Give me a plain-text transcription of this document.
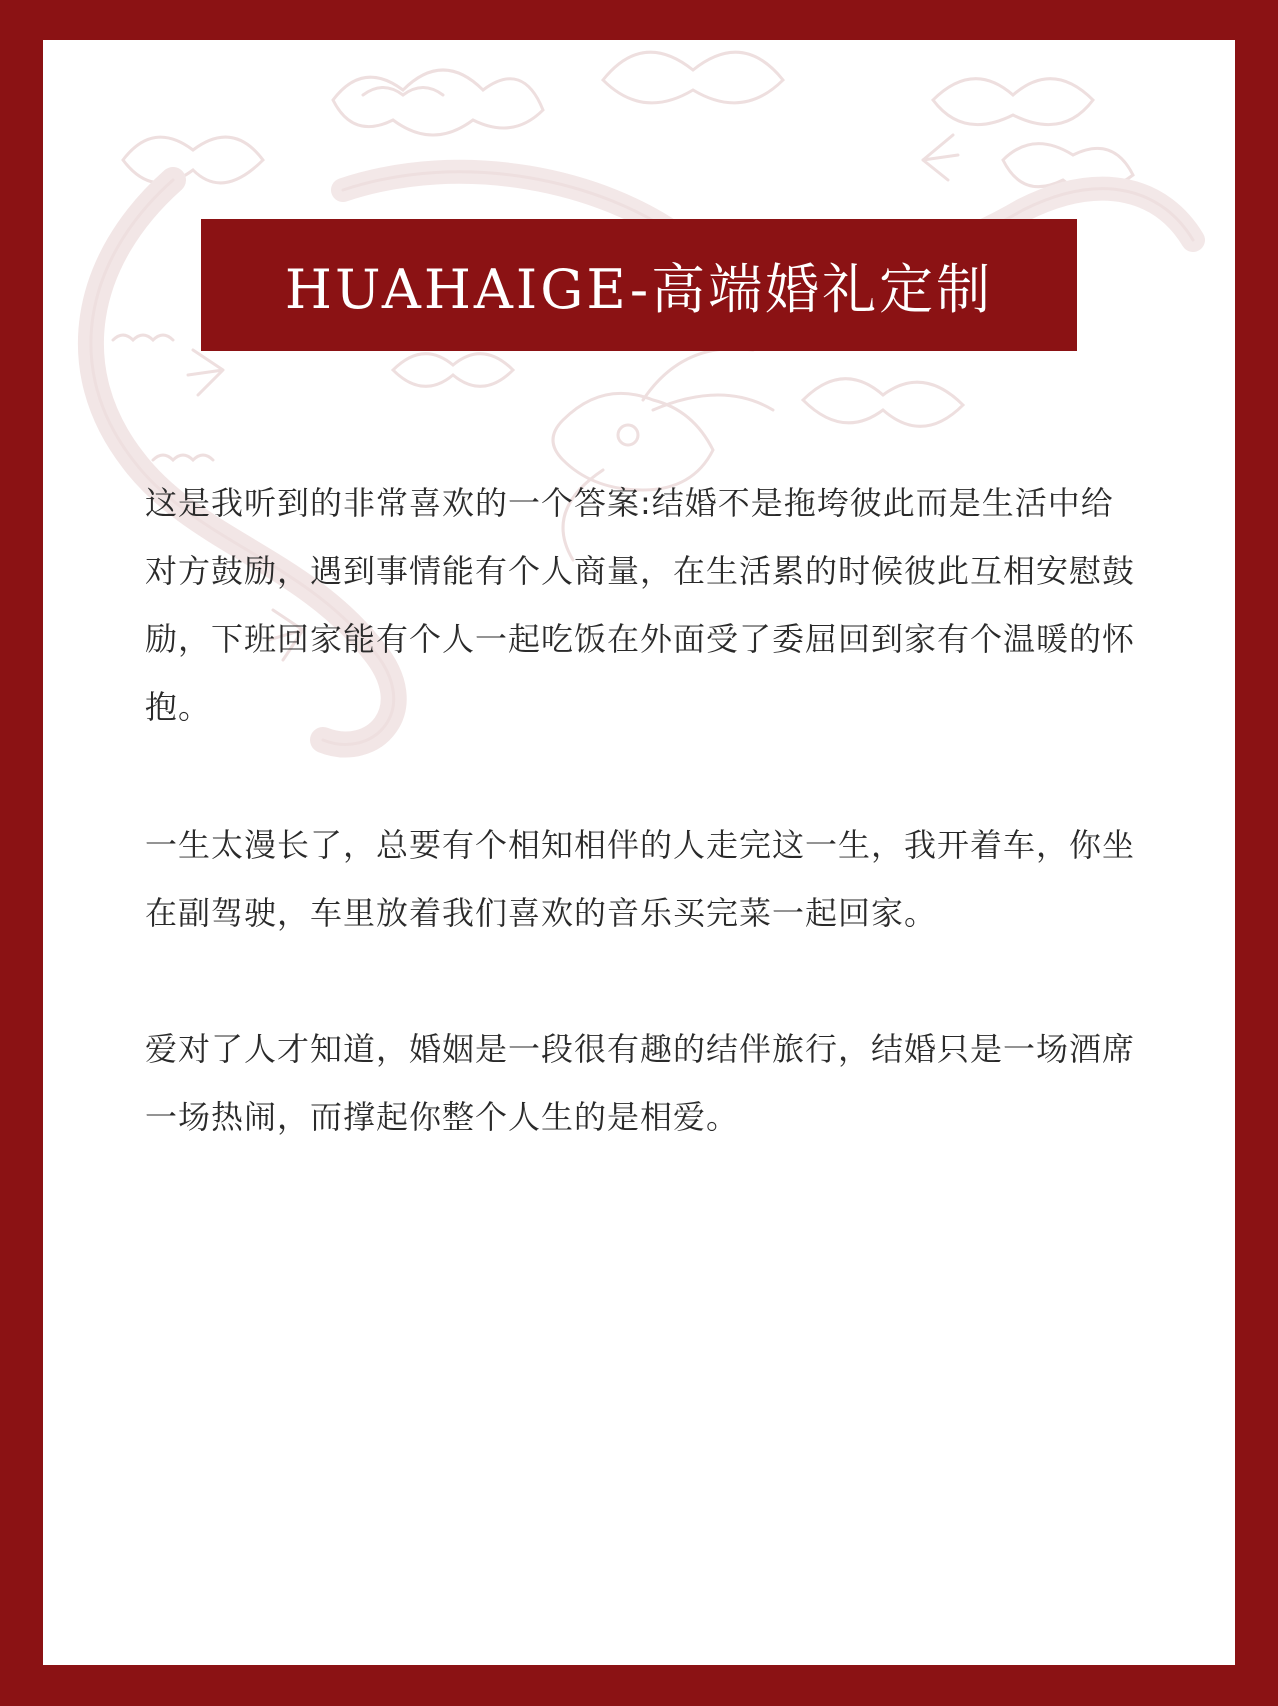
HUAHAIGE-高端婚礼定制

这是我听到的非常喜欢的一个答案:结婚不是拖垮彼此而是生活中给对方鼓励，遇到事情能有个人商量，在生活累的时候彼此互相安慰鼓励，下班回家能有个人一起吃饭在外面受了委屈回到家有个温暖的怀抱。

一生太漫长了，总要有个相知相伴的人走完这一生，我开着车，你坐在副驾驶，车里放着我们喜欢的音乐买完菜一起回家。

爱对了人才知道，婚姻是一段很有趣的结伴旅行，结婚只是一场酒席一场热闹，而撑起你整个人生的是相爱。
